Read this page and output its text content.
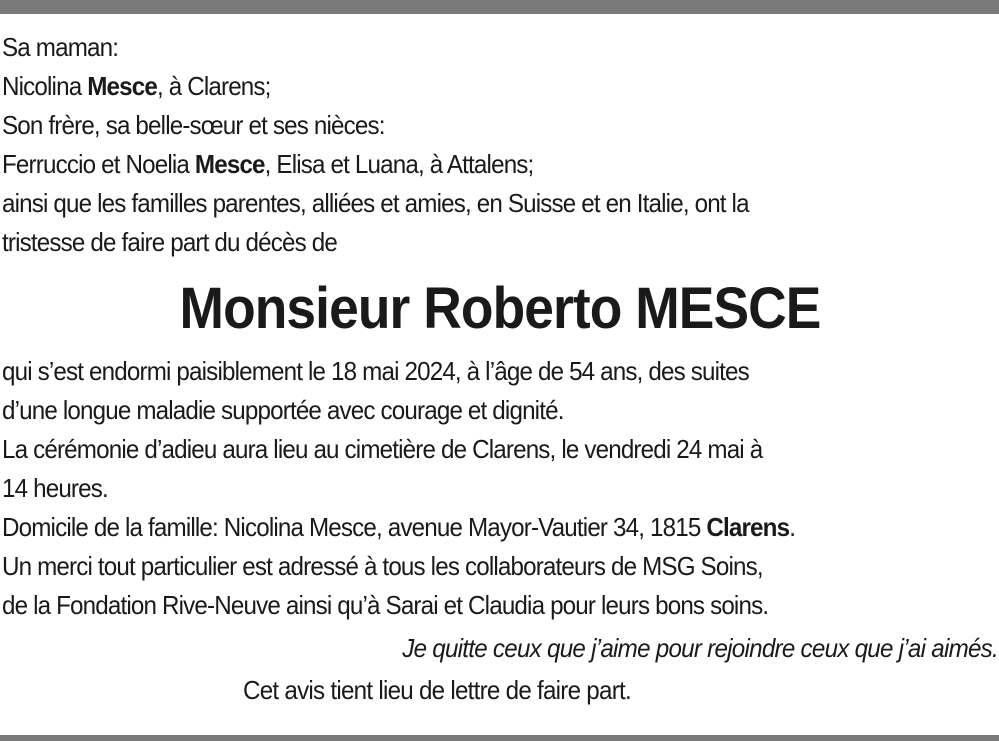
Sa maman:
Nicolina Mesce, à Clarens;
Son frère, sa belle-sœur et ses nièces:
Ferruccio et Noelia Mesce, Elisa et Luana, à Attalens;
ainsi que les familles parentes, alliées et amies, en Suisse et en Italie, ont la
tristesse de faire part du décès de
Monsieur Roberto MESCE
qui s’est endormi paisiblement le 18 mai 2024, à l’âge de 54 ans, des suites
d’une longue maladie supportée avec courage et dignité.
La cérémonie d’adieu aura lieu au cimetière de Clarens, le vendredi 24 mai à
14 heures.
Domicile de la famille: Nicolina Mesce, avenue Mayor-Vautier 34, 1815 Clarens.
Un merci tout particulier est adressé à tous les collaborateurs de MSG Soins,
de la Fondation Rive-Neuve ainsi qu’à Sarai et Claudia pour leurs bons soins.
Je quitte ceux que j’aime pour rejoindre ceux que j’ai aimés.
Cet avis tient lieu de lettre de faire part.
